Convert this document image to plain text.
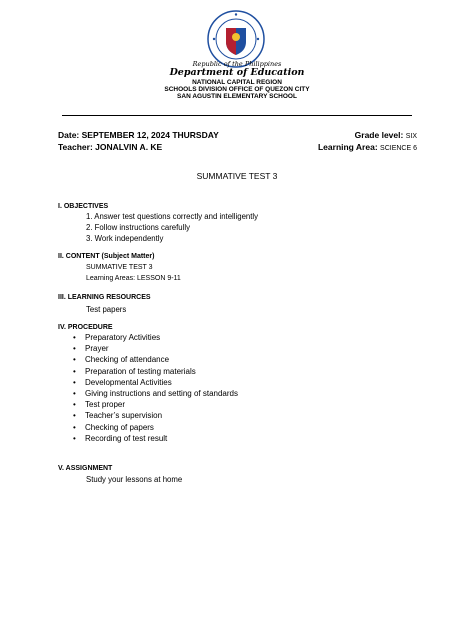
Republic of the Philippines
Department of Education
NATIONAL CAPITAL REGION
SCHOOLS DIVISION OFFICE OF QUEZON CITY
SAN AGUSTIN ELEMENTARY SCHOOL
Date: SEPTEMBER 12, 2024 THURSDAY
Teacher: JONALVIN A. KE
Grade level: SIX
Learning Area: SCIENCE 6
SUMMATIVE TEST 3
I. OBJECTIVES
1. Answer test questions correctly and intelligently
2. Follow instructions carefully
3. Work independently
II. CONTENT (Subject Matter)
SUMMATIVE TEST 3
Learning Areas: LESSON 9-11
III. LEARNING RESOURCES
Test papers
IV. PROCEDURE
• Preparatory Activities
• Prayer
• Checking of attendance
• Preparation of testing materials
• Developmental Activities
• Giving instructions and setting of standards
• Test proper
• Teacher’s supervision
• Checking of papers
• Recording of test result
V. ASSIGNMENT
Study your lessons at home
